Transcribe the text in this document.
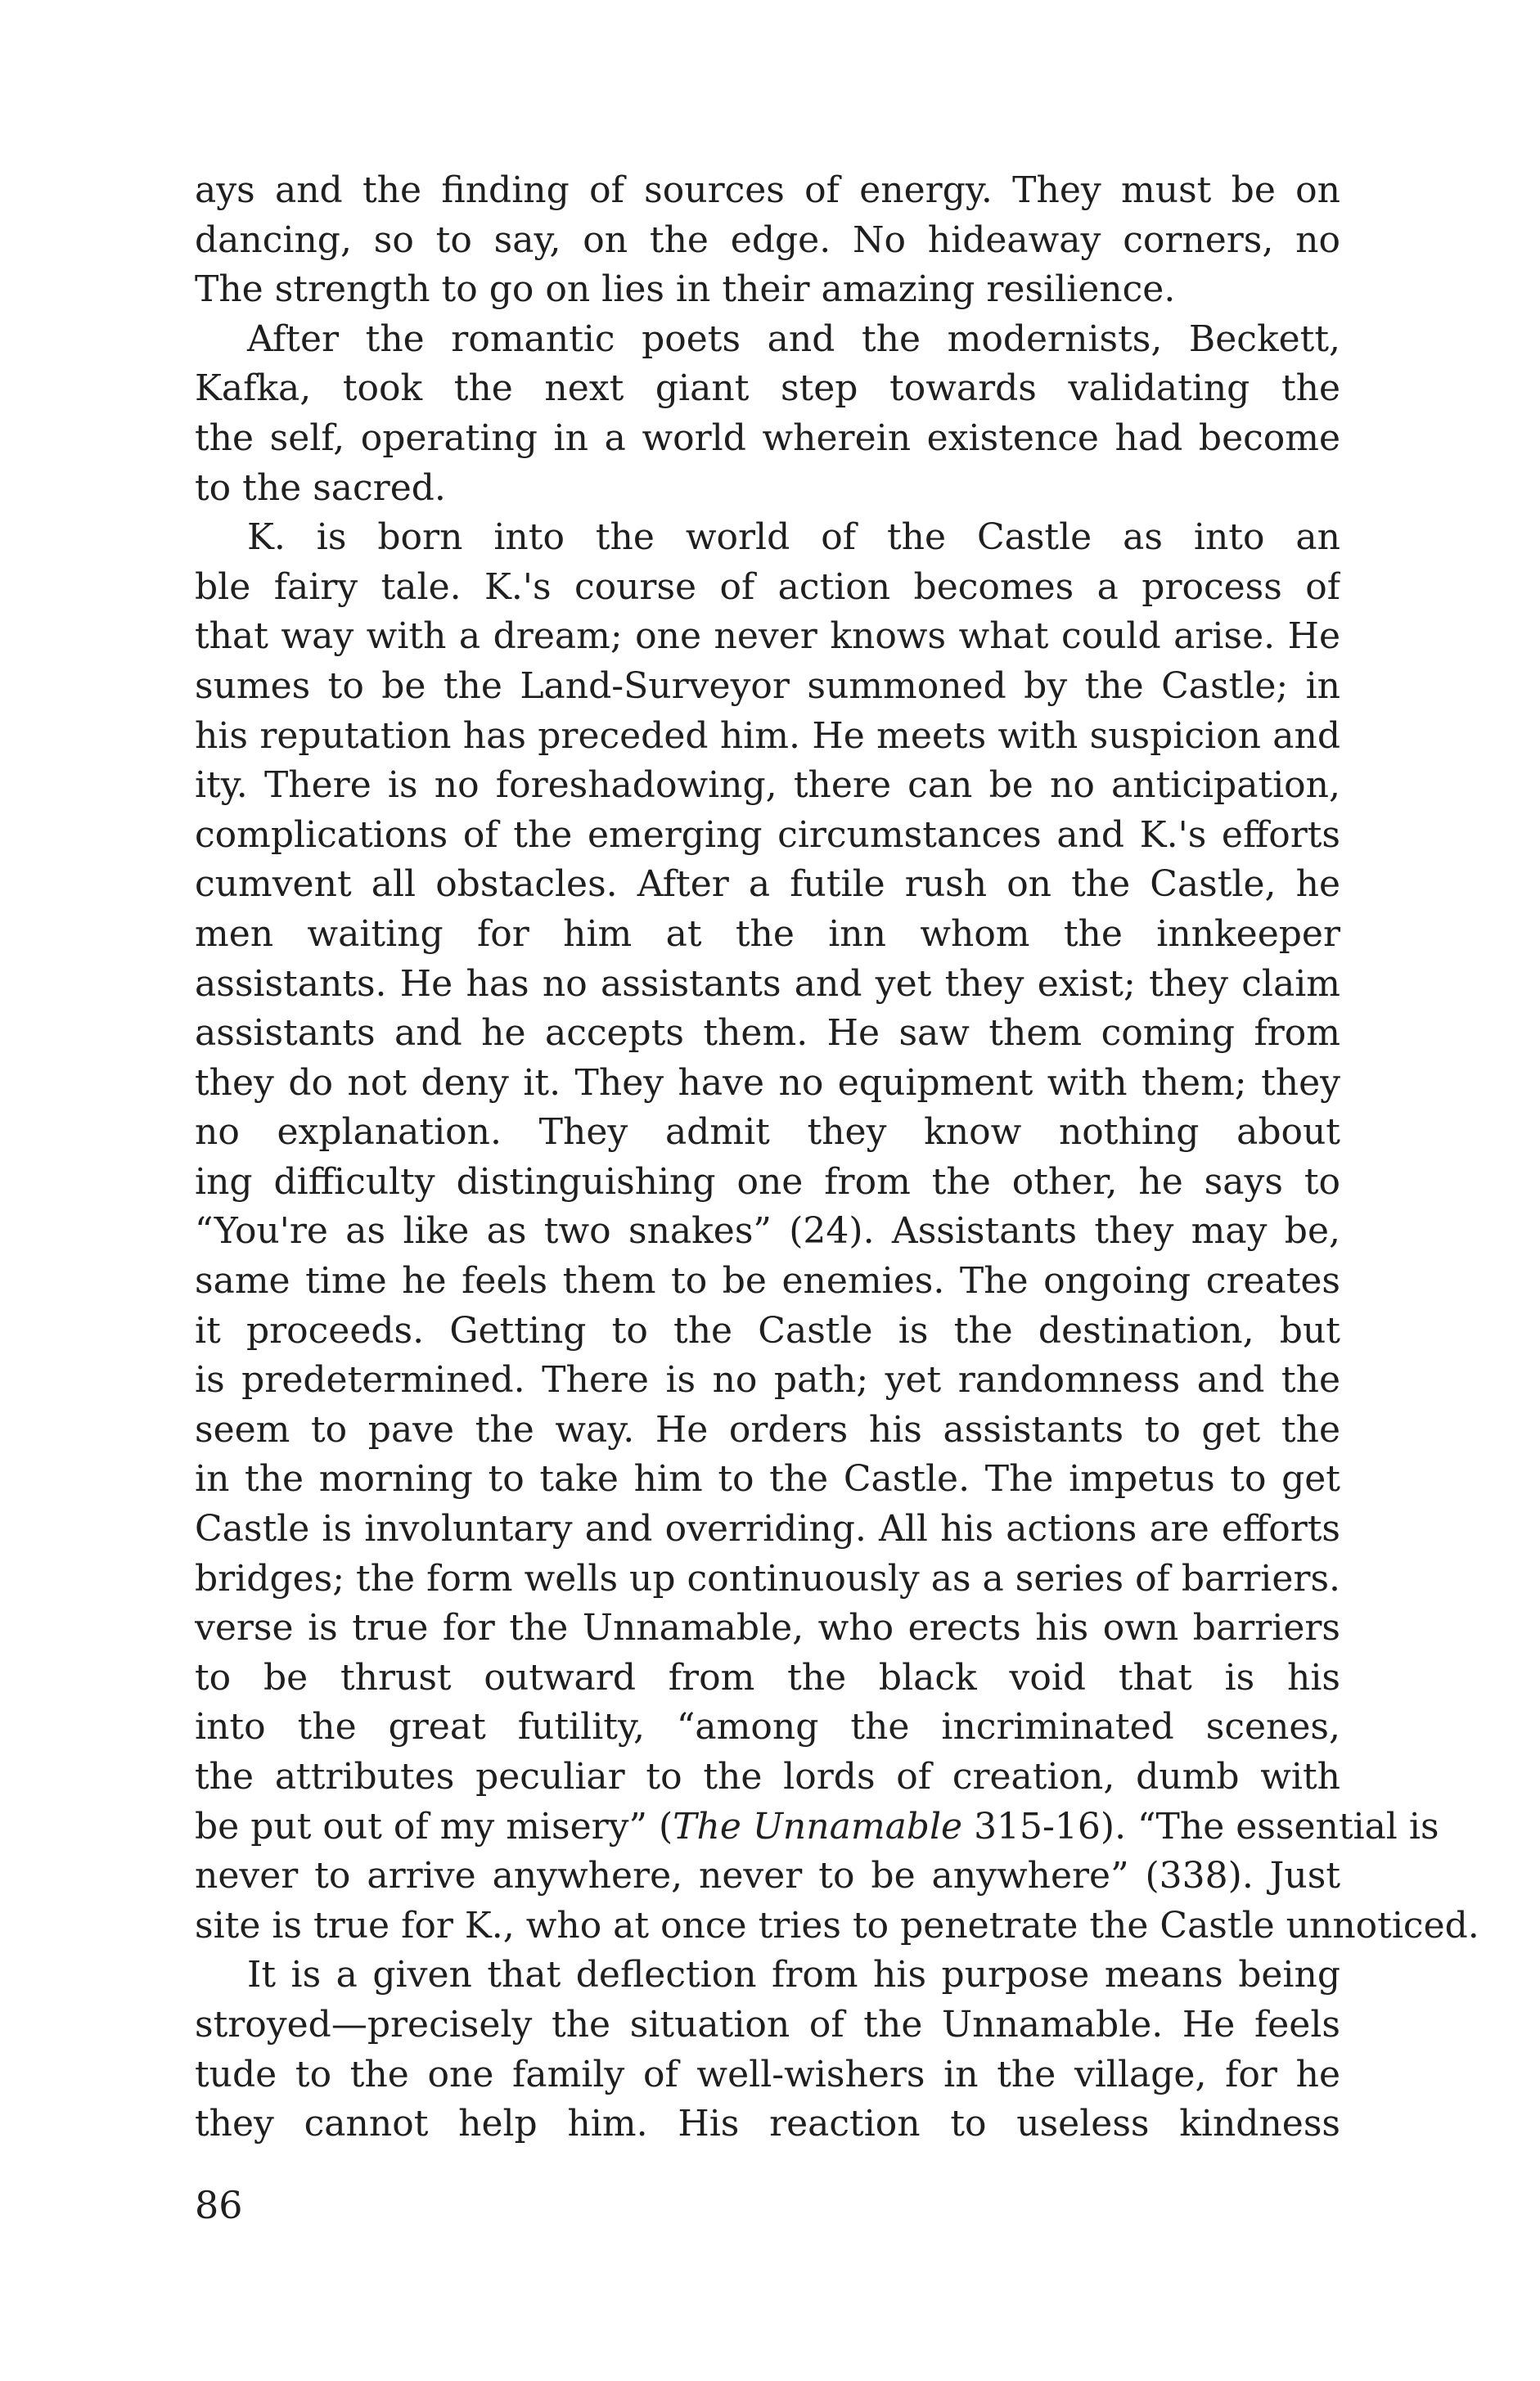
ays and the finding of sources of energy. They must be on
dancing, so to say, on the edge. No hideaway corners, no
The strength to go on lies in their amazing resilience.
After the romantic poets and the modernists, Beckett,
Kafka, took the next giant step towards validating the
the self, operating in a world wherein existence had become
to the sacred.
K. is born into the world of the Castle as into an
ble fairy tale. K.'s course of action becomes a process of
that way with a dream; one never knows what could arise. He
sumes to be the Land-Surveyor summoned by the Castle; in
his reputation has preceded him. He meets with suspicion and
ity. There is no foreshadowing, there can be no anticipation,
complications of the emerging circumstances and K.'s efforts
cumvent all obstacles. After a futile rush on the Castle, he
men waiting for him at the inn whom the innkeeper
assistants. He has no assistants and yet they exist; they claim
assistants and he accepts them. He saw them coming from
they do not deny it. They have no equipment with them; they
no explanation. They admit they know nothing about
ing difficulty distinguishing one from the other, he says to
“You're as like as two snakes” (24). Assistants they may be,
same time he feels them to be enemies. The ongoing creates
it proceeds. Getting to the Castle is the destination, but
is predetermined. There is no path; yet randomness and the
seem to pave the way. He orders his assistants to get the
in the morning to take him to the Castle. The impetus to get
Castle is involuntary and overriding. All his actions are efforts
bridges; the form wells up continuously as a series of barriers.
verse is true for the Unnamable, who erects his own barriers
to be thrust outward from the black void that is his
into the great futility, “among the incriminated scenes,
the attributes peculiar to the lords of creation, dumb with
be put out of my misery” (The Unnamable 315-16). “The essential is
never to arrive anywhere, never to be anywhere” (338). Just
site is true for K., who at once tries to penetrate the Castle unnoticed.
It is a given that deflection from his purpose means being
stroyed—precisely the situation of the Unnamable. He feels
tude to the one family of well-wishers in the village, for he
they cannot help him. His reaction to useless kindness
86
